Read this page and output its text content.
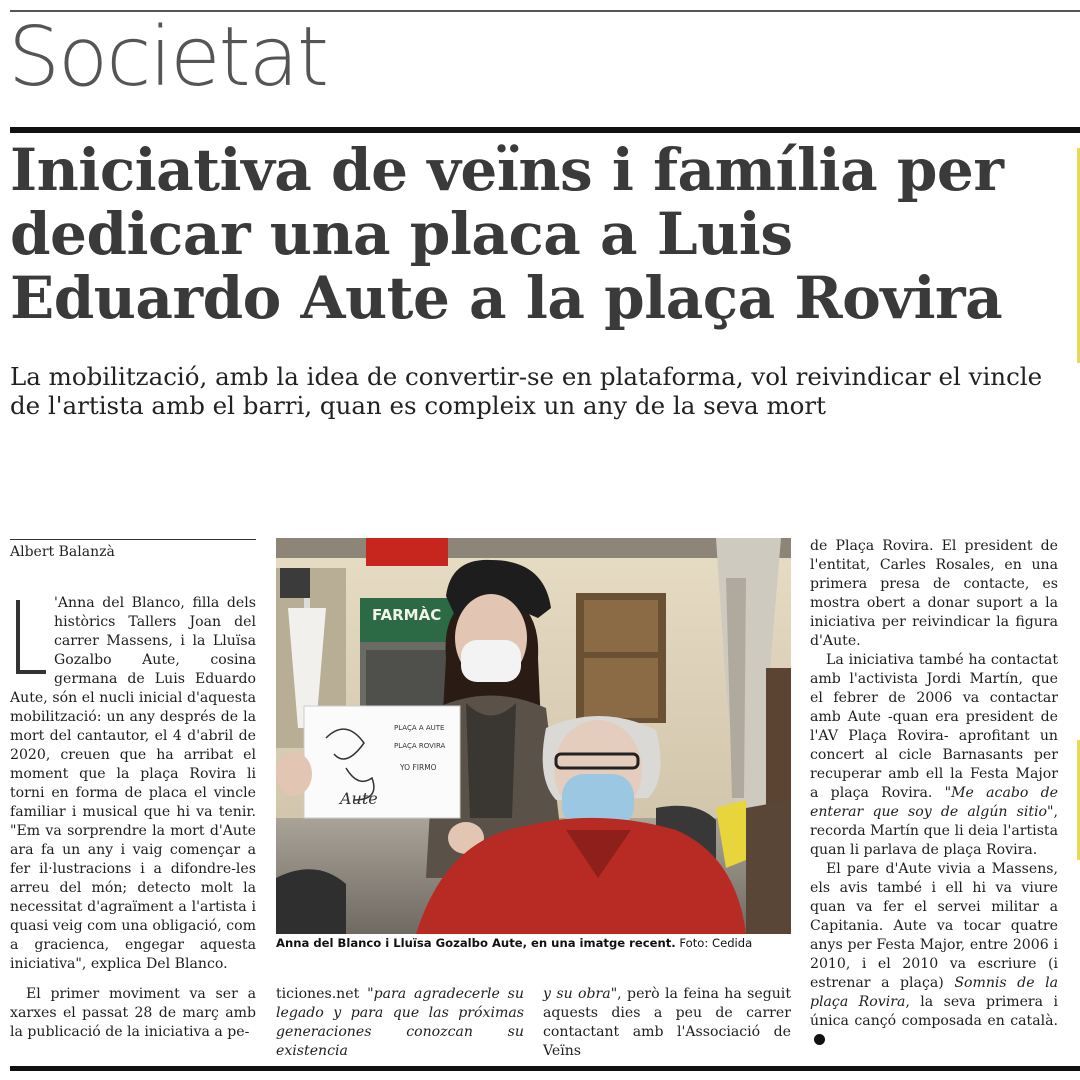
Societat
Iniciativa de veïns i família per dedicar una placa a Luis Eduardo Aute a la plaça Rovira
La mobilització, amb la idea de convertir-se en plataforma, vol reivindicar el vincle de l'artista amb el barri, quan es compleix un any de la seva mort
Albert Balanzà

'Anna del Blanco, filla dels històrics Tallers Joan del carrer Massens, i la Lluïsa Gozalbo Aute, cosina germana de Luis Eduardo Aute, són el nucli inicial d'aquesta mobilització: un any després de la mort del cantautor, el 4 d'abril de 2020, creuen que ha arribat el moment que la plaça Rovira li torni en forma de placa el vincle familiar i musical que hi va tenir. "Em va sorprendre la mort d'Aute ara fa un any i vaig començar a fer il·lustracions i a difondre-les arreu del món; detecto molt la necessitat d'agraïment a l'artista i quasi veig com una obligació, com a graciencа, engegar aquesta iniciativa", explica Del Blanco.

El primer moviment va ser a xarxes el passat 28 de març amb la publicació de la iniciativa a pe-

ticiones.net "para agradecerle su legado y para que las próximas generaciones conozcan su existencia

y su obra", però la feina ha seguit aquests dies a peu de carrer contactant amb l'Associació de Veïns

de Plaça Rovira. El president de l'entitat, Carles Rosales, en una primera presa de contacte, es mostra obert a donar suport a la iniciativa per reivindicar la figura d'Aute.

La iniciativa també ha contactat amb l'activista Jordi Martín, que el febrer de 2006 va contactar amb Aute -quan era president de l'AV Plaça Rovira- aprofitant un concert al cicle Barnasants per recuperar amb ell la Festa Major a plaça Rovira. "Me acabo de enterar que soy de algún sitio", recorda Martín que li deia l'artista quan li parlava de plaça Rovira.

El pare d'Aute vivia a Massens, els avis també i ell hi va viure quan va fer el servei militar a Capitania. Aute va tocar quatre anys per Festa Major, entre 2006 i 2010, i el 2010 va escriure (i estrenar a plaça) Somnis de la plaça Rovira, la seva primera i única cançó composada en català.

FARMÀC
PLAÇA A AUTE
PLAÇA ROVIRA
YO FIRMO
Aute
Anna del Blanco i Lluïsa Gozalbo Aute, en una imatge recent. Foto: Cedida
